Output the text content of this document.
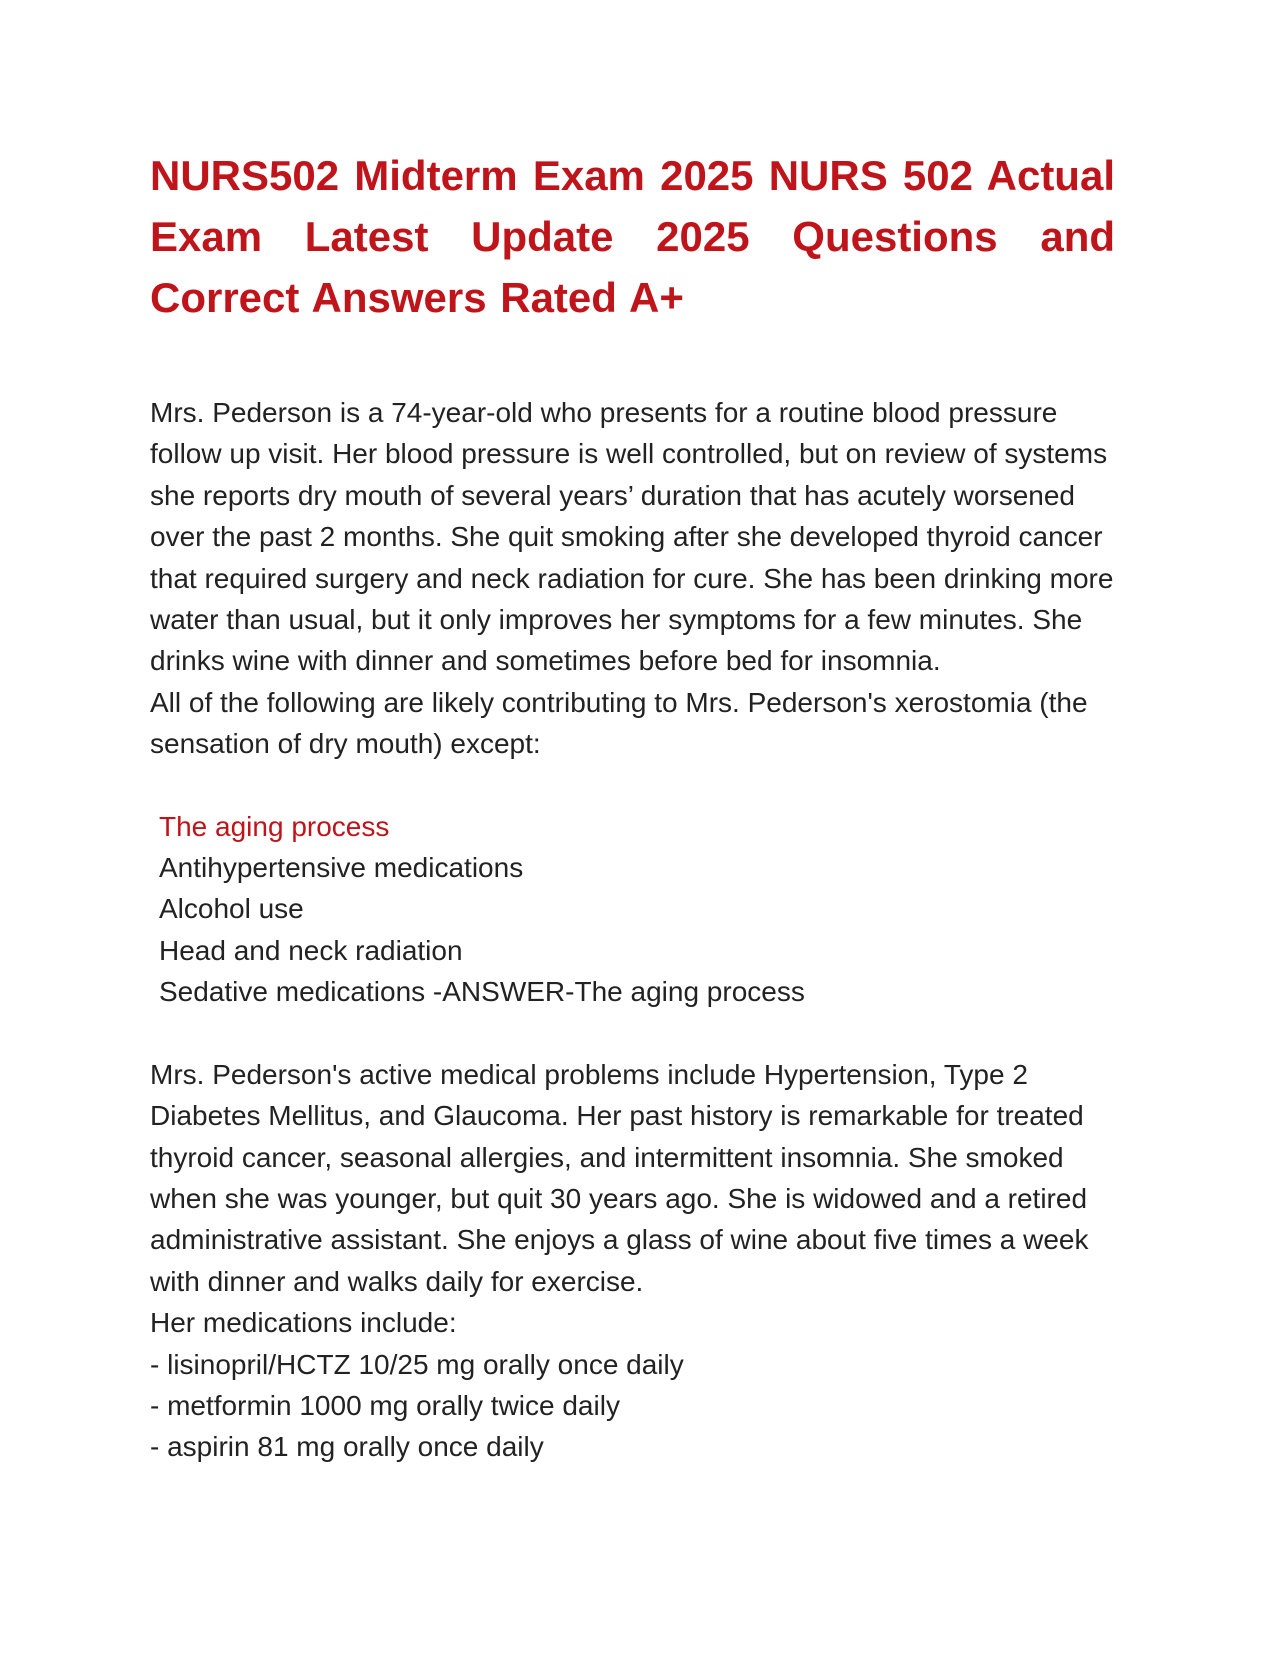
NURS502 Midterm Exam 2025 NURS 502 Actual Exam Latest Update 2025 Questions and Correct Answers Rated A+

Mrs. Pederson is a 74-year-old who presents for a routine blood pressure follow up visit. Her blood pressure is well controlled, but on review of systems she reports dry mouth of several years’ duration that has acutely worsened over the past 2 months. She quit smoking after she developed thyroid cancer that required surgery and neck radiation for cure. She has been drinking more water than usual, but it only improves her symptoms for a few minutes. She drinks wine with dinner and sometimes before bed for insomnia.

All of the following are likely contributing to Mrs. Pederson's xerostomia (the sensation of dry mouth) except:

The aging process
Antihypertensive medications
Alcohol use
Head and neck radiation
Sedative medications -ANSWER-The aging process

Mrs. Pederson's active medical problems include Hypertension, Type 2 Diabetes Mellitus, and Glaucoma. Her past history is remarkable for treated thyroid cancer, seasonal allergies, and intermittent insomnia. She smoked when she was younger, but quit 30 years ago. She is widowed and a retired administrative assistant. She enjoys a glass of wine about five times a week with dinner and walks daily for exercise.

Her medications include:

- lisinopril/HCTZ 10/25 mg orally once daily
- metformin 1000 mg orally twice daily
- aspirin 81 mg orally once daily
